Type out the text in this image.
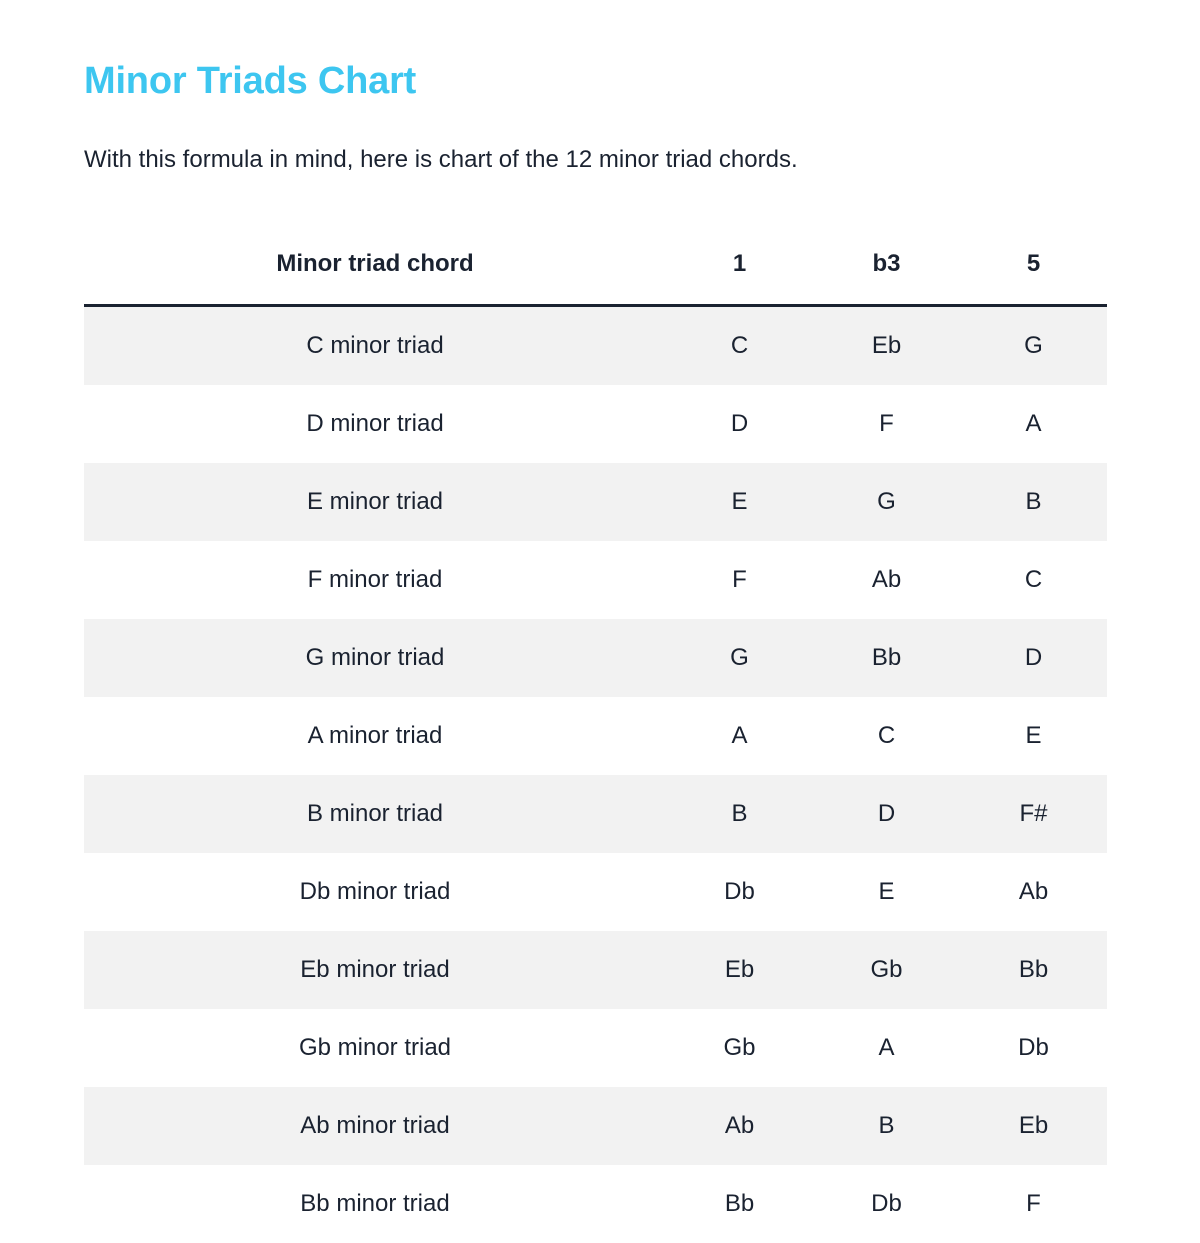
Minor Triads Chart

With this formula in mind, here is chart of the 12 minor triad chords.

Minor triad chord	1	b3	5
C minor triad	C	Eb	G
D minor triad	D	F	A
E minor triad	E	G	B
F minor triad	F	Ab	C
G minor triad	G	Bb	D
A minor triad	A	C	E
B minor triad	B	D	F#
Db minor triad	Db	E	Ab
Eb minor triad	Eb	Gb	Bb
Gb minor triad	Gb	A	Db
Ab minor triad	Ab	B	Eb
Bb minor triad	Bb	Db	F
